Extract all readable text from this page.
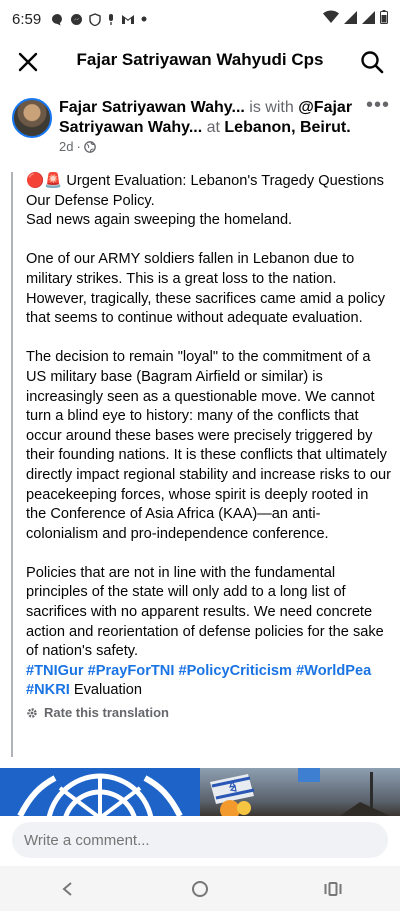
6:59
Fajar Satriyawan Wahyudi Cps
Fajar Satriyawan Wahy... is with @Fajar Satriyawan Wahy... at Lebanon, Beirut.
2d ·
•••

🔴🚨 Urgent Evaluation: Lebanon's Tragedy Questions Our Defense Policy.
Sad news again sweeping the homeland.

One of our ARMY soldiers fallen in Lebanon due to military strikes. This is a great loss to the nation. However, tragically, these sacrifices came amid a policy that seems to continue without adequate evaluation.

The decision to remain "loyal" to the commitment of a US military base (Bagram Airfield or similar) is increasingly seen as a questionable move. We cannot turn a blind eye to history: many of the conflicts that occur around these bases were precisely triggered by their founding nations. It is these conflicts that ultimately directly impact regional stability and increase risks to our peacekeeping forces, whose spirit is deeply rooted in the Conference of Asia Africa (KAA)—an anti-colonialism and pro-independence conference.

Policies that are not in line with the fundamental principles of the state will only add to a long list of sacrifices with no apparent results. We need concrete action and reorientation of defense policies for the sake of nation's safety.

#TNIGur #PrayForTNI #PolicyCriticism #WorldPea
#NKRI Evaluation
Rate this translation
Write a comment...
